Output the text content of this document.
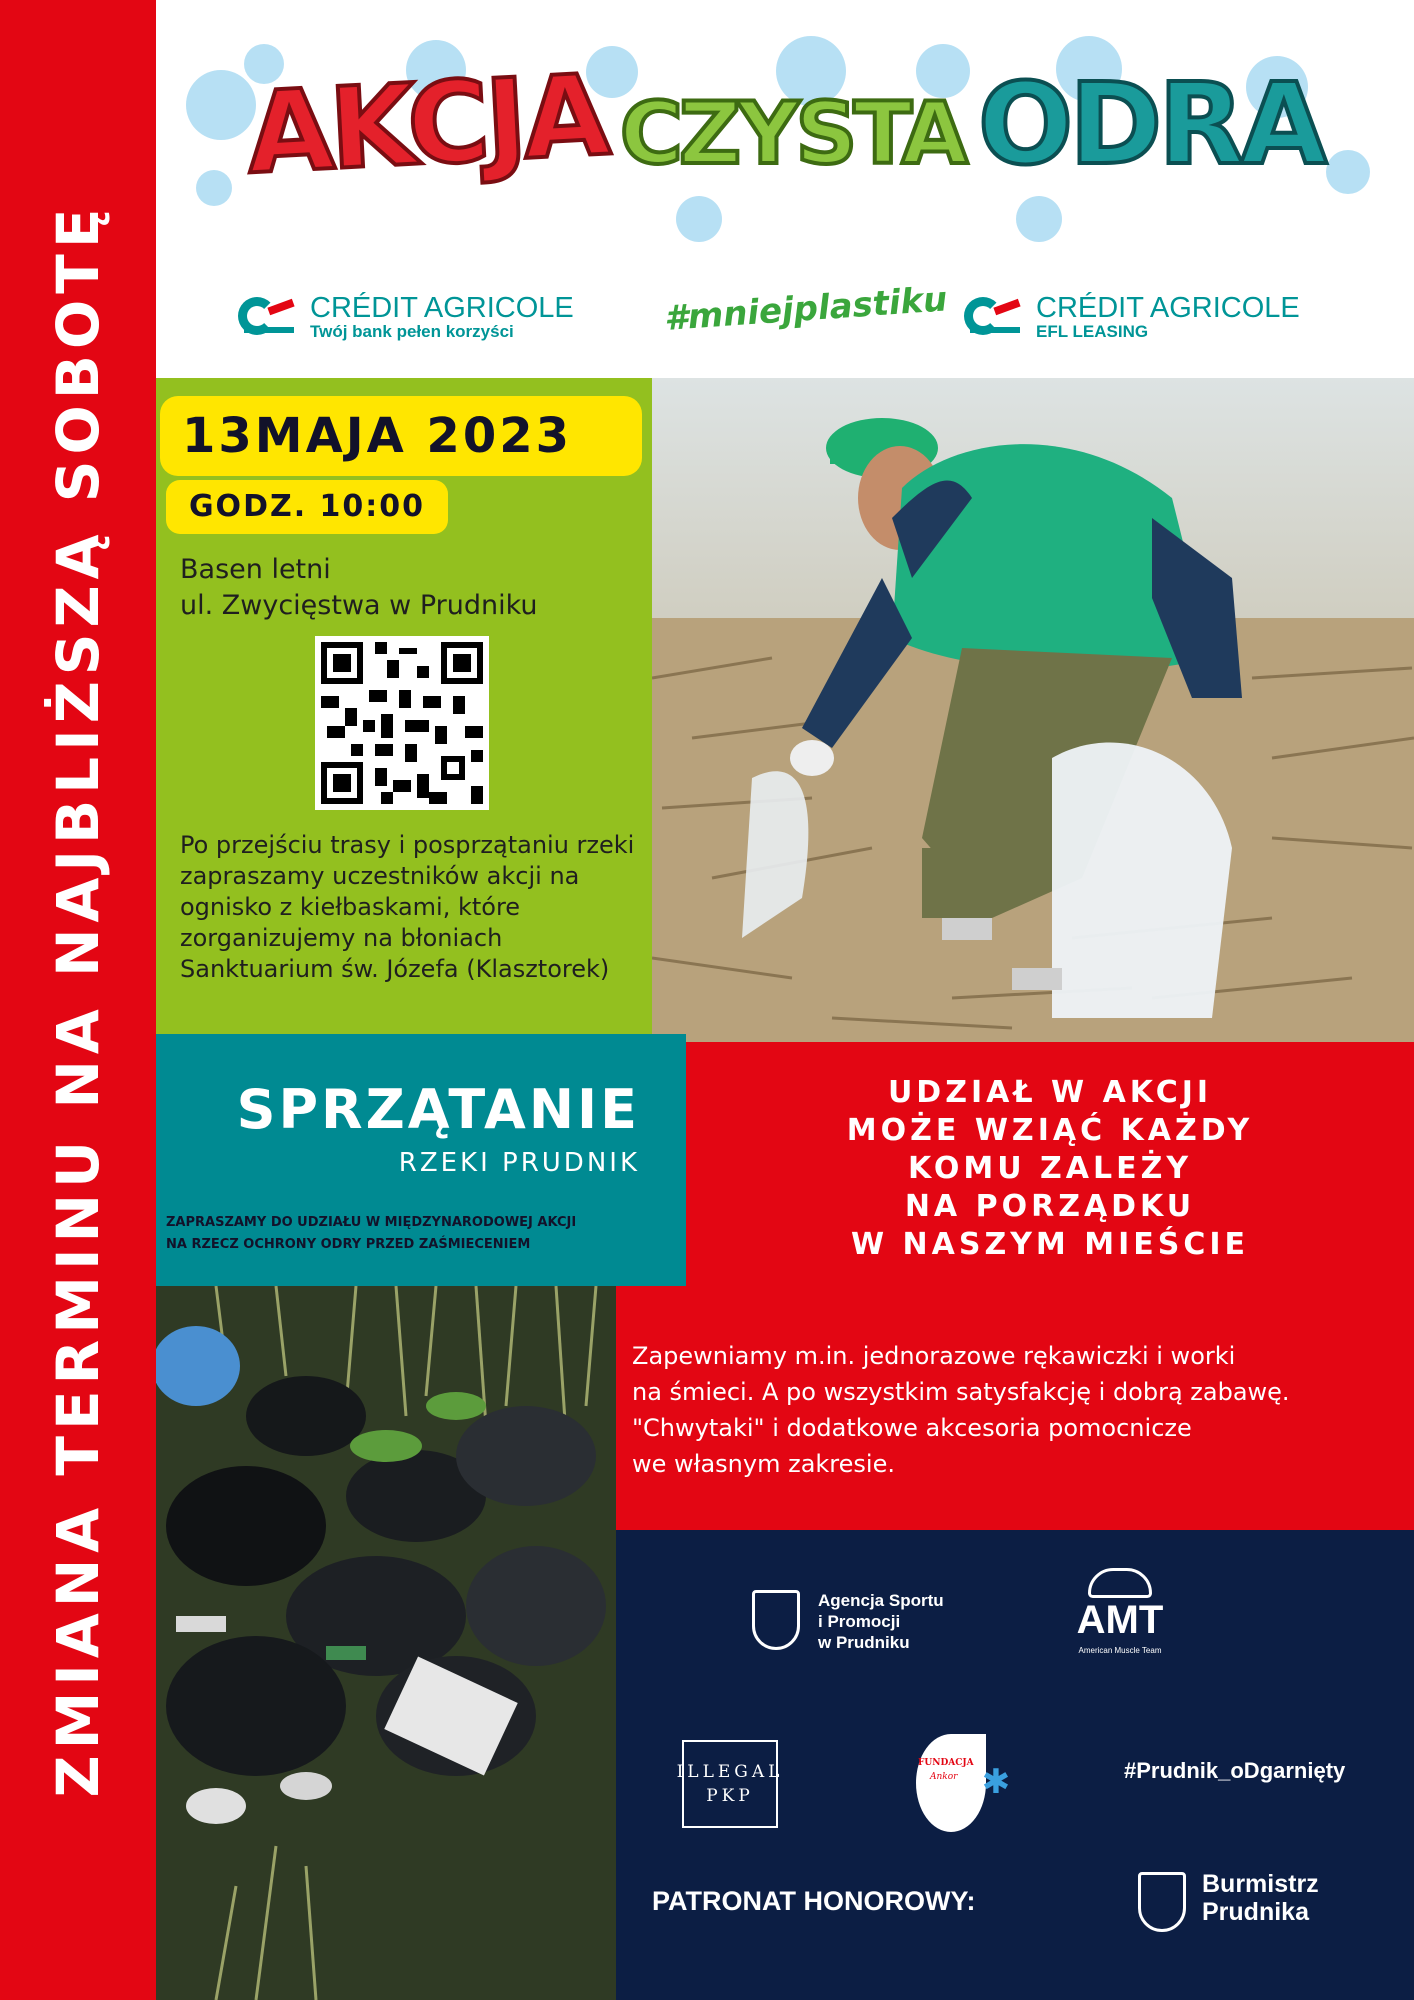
ZMIANA TERMINU NA NAJBLIŻSZĄ SOBOTĘ
AKCJA CZYSTA ODRA
CRÉDIT AGRICOLE
Twój bank pełen korzyści	#mniejplastiku	CRÉDIT AGRICOLE
EFL LEASING
13MAJA 2023
GODZ. 10:00
Basen letni
ul. Zwycięstwa w Prudniku
Po przejściu trasy i posprzątaniu rzeki zapraszamy uczestników akcji na ognisko z kiełbaskami, które zorganizujemy na błoniach Sanktuarium św. Józefa (Klasztorek)
UDZIAŁ W AKCJI
MOŻE WZIĄĆ KAŻDY
KOMU ZALEŻY
NA PORZĄDKU
W NASZYM MIEŚCIE
Zapewniamy m.in. jednorazowe rękawiczki i worki
na śmieci. A po wszystkim satysfakcję i dobrą zabawę.
"Chwytaki" i dodatkowe akcesoria pomocnicze
we własnym zakresie.
SPRZĄTANIE
RZEKI PRUDNIK
ZAPRASZAMY DO UDZIAŁU W MIĘDZYNARODOWEJ AKCJI
NA RZECZ OCHRONY ODRY PRZED ZAŚMIECENIEM
Agencja Sportu
i Promocji
w Prudniku
AMT
American Muscle Team
ILLEGAL
PKP
FUNDACJA
Ankor ✱	#Prudnik_oDgarnięty
PATRONAT HONOROWY:
Burmistrz
Prudnika
